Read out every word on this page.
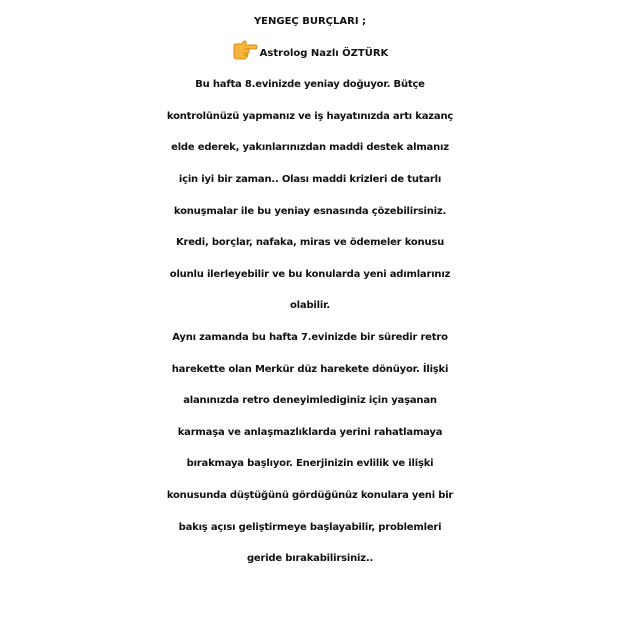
YENGEÇ BURÇLARI ;
Astrolog Nazlı ÖZTÜRK
Bu hafta 8.evinizde yeniay doğuyor. Bütçe
kontrolünüzü yapmanız ve iş hayatınızda artı kazanç
elde ederek, yakınlarınızdan maddi destek almanız
için iyi bir zaman.. Olası maddi krizleri de tutarlı
konuşmalar ile bu yeniay esnasında çözebilirsiniz.
Kredi, borçlar, nafaka, miras ve ödemeler konusu
olunlu ilerleyebilir ve bu konularda yeni adımlarınız
olabilir.
Aynı zamanda bu hafta 7.evinizde bir süredir retro
harekette olan Merkür düz harekete dönüyor. İlişki
alanınızda retro deneyimlediginiz için yaşanan
karmaşa ve anlaşmazlıklarda yerini rahatlamaya
bırakmaya başlıyor. Enerjinizin evlilik ve ilişki
konusunda düştüğünü gördüğünüz konulara yeni bir
bakış açısı geliştirmeye başlayabilir, problemleri
geride bırakabilirsiniz..
